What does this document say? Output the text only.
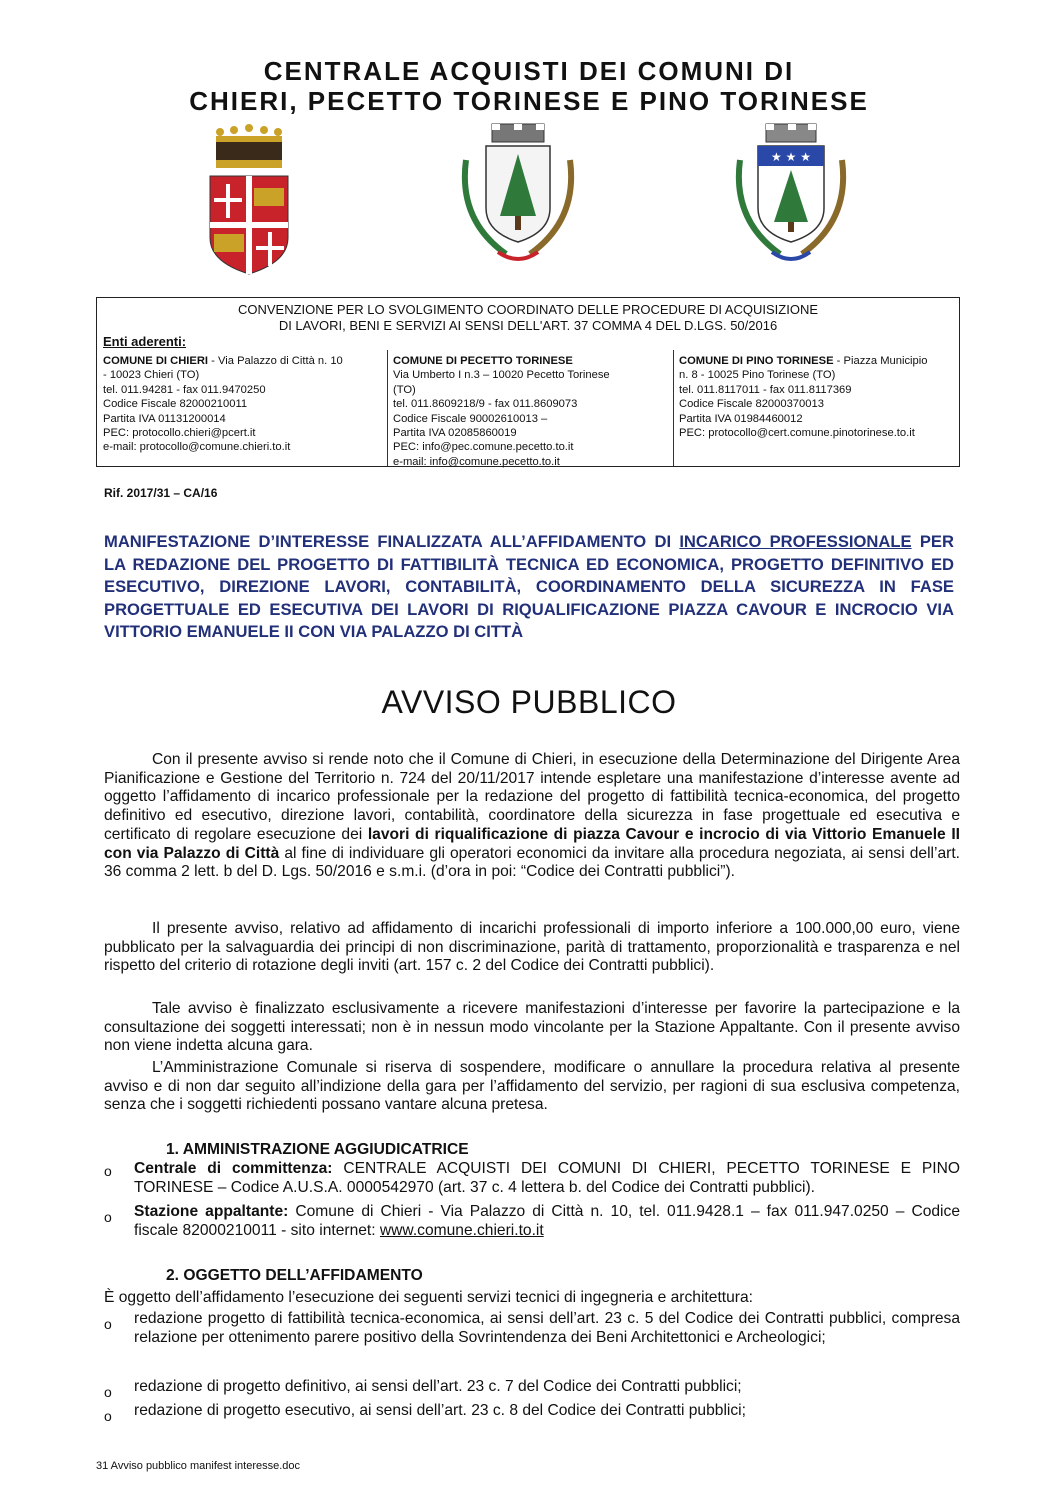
CENTRALE ACQUISTI DEI COMUNI DI
CHIERI, PECETTO TORINESE E PINO TORINESE
★ ★ ★
CONVENZIONE PER LO SVOLGIMENTO COORDINATO DELLE PROCEDURE DI ACQUISIZIONE
DI LAVORI, BENI E SERVIZI AI SENSI DELL'ART. 37 COMMA 4 DEL D.LGS. 50/2016
Enti aderenti:
COMUNE DI CHIERI - Via Palazzo di Città n. 10
- 10023 Chieri (TO)
tel. 011.94281 - fax 011.9470250
Codice Fiscale 82000210011
Partita IVA 01131200014
PEC: protocollo.chieri@pcert.it
e-mail: protocollo@comune.chieri.to.it
COMUNE DI PECETTO TORINESE
Via Umberto I n.3 – 10020 Pecetto Torinese
(TO)
tel. 011.8609218/9 - fax 011.8609073
Codice Fiscale 90002610013 –
Partita IVA 02085860019
PEC: info@pec.comune.pecetto.to.it
e-mail: info@comune.pecetto.to.it
COMUNE DI PINO TORINESE - Piazza Municipio
n. 8 - 10025 Pino Torinese (TO)
tel. 011.8117011 - fax 011.8117369
Codice Fiscale 82000370013
Partita IVA 01984460012
PEC: protocollo@cert.comune.pinotorinese.to.it
Rif. 2017/31 – CA/16
MANIFESTAZIONE D’INTERESSE FINALIZZATA ALL’AFFIDAMENTO DI INCARICO PROFESSIONALE PER LA REDAZIONE DEL PROGETTO DI FATTIBILITÀ TECNICA ED ECONOMICA, PROGETTO DEFINITIVO ED ESECUTIVO, DIREZIONE LAVORI, CONTABILITÀ, COORDINAMENTO DELLA SICUREZZA IN FASE PROGETTUALE ED ESECUTIVA DEI LAVORI DI RIQUALIFICAZIONE PIAZZA CAVOUR E INCROCIO VIA VITTORIO EMANUELE II CON VIA PALAZZO DI CITTÀ
AVVISO PUBBLICO
Con il presente avviso si rende noto che il Comune di Chieri, in esecuzione della Determinazione del Dirigente Area Pianificazione e Gestione del Territorio n. 724 del 20/11/2017 intende espletare una manifestazione d’interesse avente ad oggetto l’affidamento di incarico professionale per la redazione del progetto di fattibilità tecnica-economica, del progetto definitivo ed esecutivo, direzione lavori, contabilità, coordinatore della sicurezza in fase progettuale ed esecutiva e certificato di regolare esecuzione dei lavori di riqualificazione di piazza Cavour e incrocio di via Vittorio Emanuele II con via Palazzo di Città al fine di individuare gli operatori economici da invitare alla procedura negoziata, ai sensi dell’art. 36 comma 2 lett. b del D. Lgs. 50/2016 e s.m.i. (d’ora in poi: “Codice dei Contratti pubblici”).
Il presente avviso, relativo ad affidamento di incarichi professionali di importo inferiore a 100.000,00 euro, viene pubblicato per la salvaguardia dei principi di non discriminazione, parità di trattamento, proporzionalità e trasparenza e nel rispetto del criterio di rotazione degli inviti (art. 157 c. 2 del Codice dei Contratti pubblici).
Tale avviso è finalizzato esclusivamente a ricevere manifestazioni d’interesse per favorire la partecipazione e la consultazione dei soggetti interessati; non è in nessun modo vincolante per la Stazione Appaltante. Con il presente avviso non viene indetta alcuna gara.
L’Amministrazione Comunale si riserva di sospendere, modificare o annullare la procedura relativa al presente avviso e di non dar seguito all’indizione della gara per l’affidamento del servizio, per ragioni di sua esclusiva competenza, senza che i soggetti richiedenti possano vantare alcuna pretesa.
1. AMMINISTRAZIONE AGGIUDICATRICE
o Centrale di committenza: CENTRALE ACQUISTI DEI COMUNI DI CHIERI, PECETTO TORINESE E PINO TORINESE – Codice A.U.S.A. 0000542970 (art. 37 c. 4 lettera b. del Codice dei Contratti pubblici).
o Stazione appaltante: Comune di Chieri - Via Palazzo di Città n. 10, tel. 011.9428.1 – fax 011.947.0250 – Codice fiscale 82000210011 - sito internet: www.comune.chieri.to.it
2. OGGETTO DELL’AFFIDAMENTO
È oggetto dell’affidamento l’esecuzione dei seguenti servizi tecnici di ingegneria e architettura:
o redazione progetto di fattibilità tecnica-economica, ai sensi dell’art. 23 c. 5 del Codice dei Contratti pubblici, compresa relazione per ottenimento parere positivo della Sovrintendenza dei Beni Architettonici e Archeologici;
o redazione di progetto definitivo, ai sensi dell’art. 23 c. 7 del Codice dei Contratti pubblici;
o redazione di progetto esecutivo, ai sensi dell’art. 23 c. 8 del Codice dei Contratti pubblici;
31 Avviso pubblico manifest interesse.doc
